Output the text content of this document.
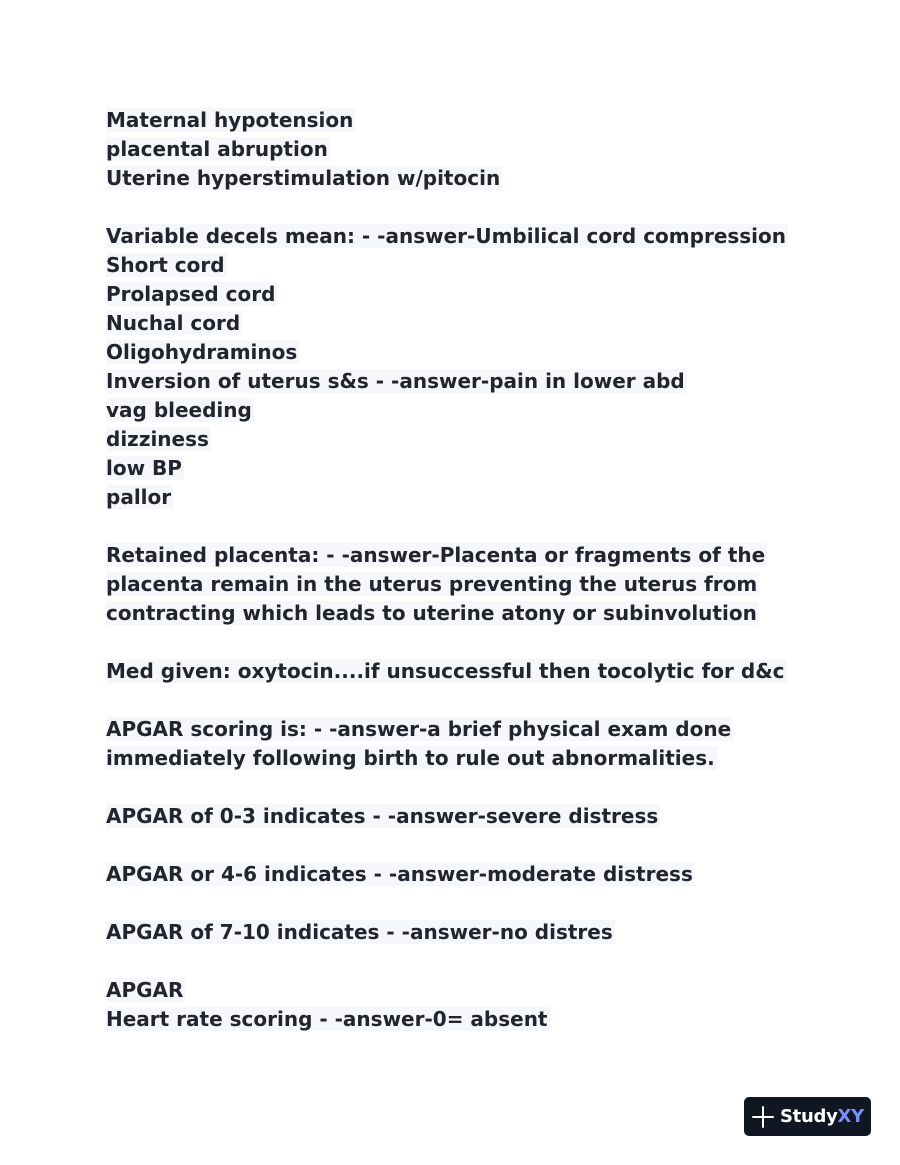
Maternal hypotension
placental abruption
Uterine hyperstimulation w/pitocin
Variable decels mean: - -answer-Umbilical cord compression
Short cord
Prolapsed cord
Nuchal cord
Oligohydraminos
Inversion of uterus s&s - -answer-pain in lower abd
vag bleeding
dizziness
low BP
pallor
Retained placenta: - -answer-Placenta or fragments of the
placenta remain in the uterus preventing the uterus from
contracting which leads to uterine atony or subinvolution
Med given: oxytocin....if unsuccessful then tocolytic for d&c
APGAR scoring is: - -answer-a brief physical exam done
immediately following birth to rule out abnormalities.
APGAR of 0-3 indicates - -answer-severe distress
APGAR or 4-6 indicates - -answer-moderate distress
APGAR of 7-10 indicates - -answer-no distres
APGAR
Heart rate scoring - -answer-0= absent
StudyXY
